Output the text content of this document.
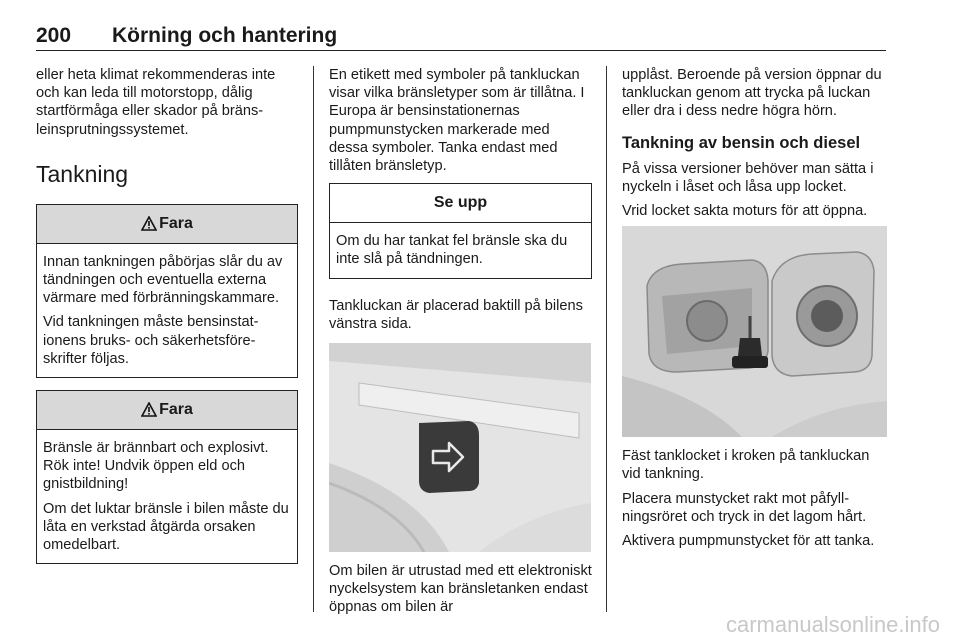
200 Körning och hantering

eller heta klimat rekommenderas inte och kan leda till motorstopp, dålig startförmåga eller skador på bränsleinsprutningssystemet.

Tankning
Fara

Innan tankningen påbörjas slår du av tändningen och eventuella externa värmare med förbränningskammare.

Vid tankningen måste bensinstationens bruks- och säkerhetsföreskrifter följas.

Fara

Bränsle är brännbart och explosivt. Rök inte! Undvik öppen eld och gnistbildning!

Om det luktar bränsle i bilen måste du låta en verkstad åtgärda orsaken omedelbart.

En etikett med symboler på tankluckan visar vilka bränsletyper som är tillåtna. I Europa är bensinstationernas pumpmunstycken markerade med dessa symboler. Tanka endast med tillåten bränsletyp.

Se upp

Om du har tankat fel bränsle ska du inte slå på tändningen.

Tankluckan är placerad baktill på bilens vänstra sida.

Om bilen är utrustad med ett elektroniskt nyckelsystem kan bränsletanken endast öppnas om bilen är

upplåst. Beroende på version öppnar du tankluckan genom att trycka på luckan eller dra i dess nedre högra hörn.

Tankning av bensin och diesel

På vissa versioner behöver man sätta i nyckeln i låset och låsa upp locket.

Vrid locket sakta moturs för att öppna.

Fäst tanklocket i kroken på tankluckan vid tankning.

Placera munstycket rakt mot påfyllningsröret och tryck in det lagom hårt.

Aktivera pumpmunstycket för att tanka.

carmanualsonline.info
